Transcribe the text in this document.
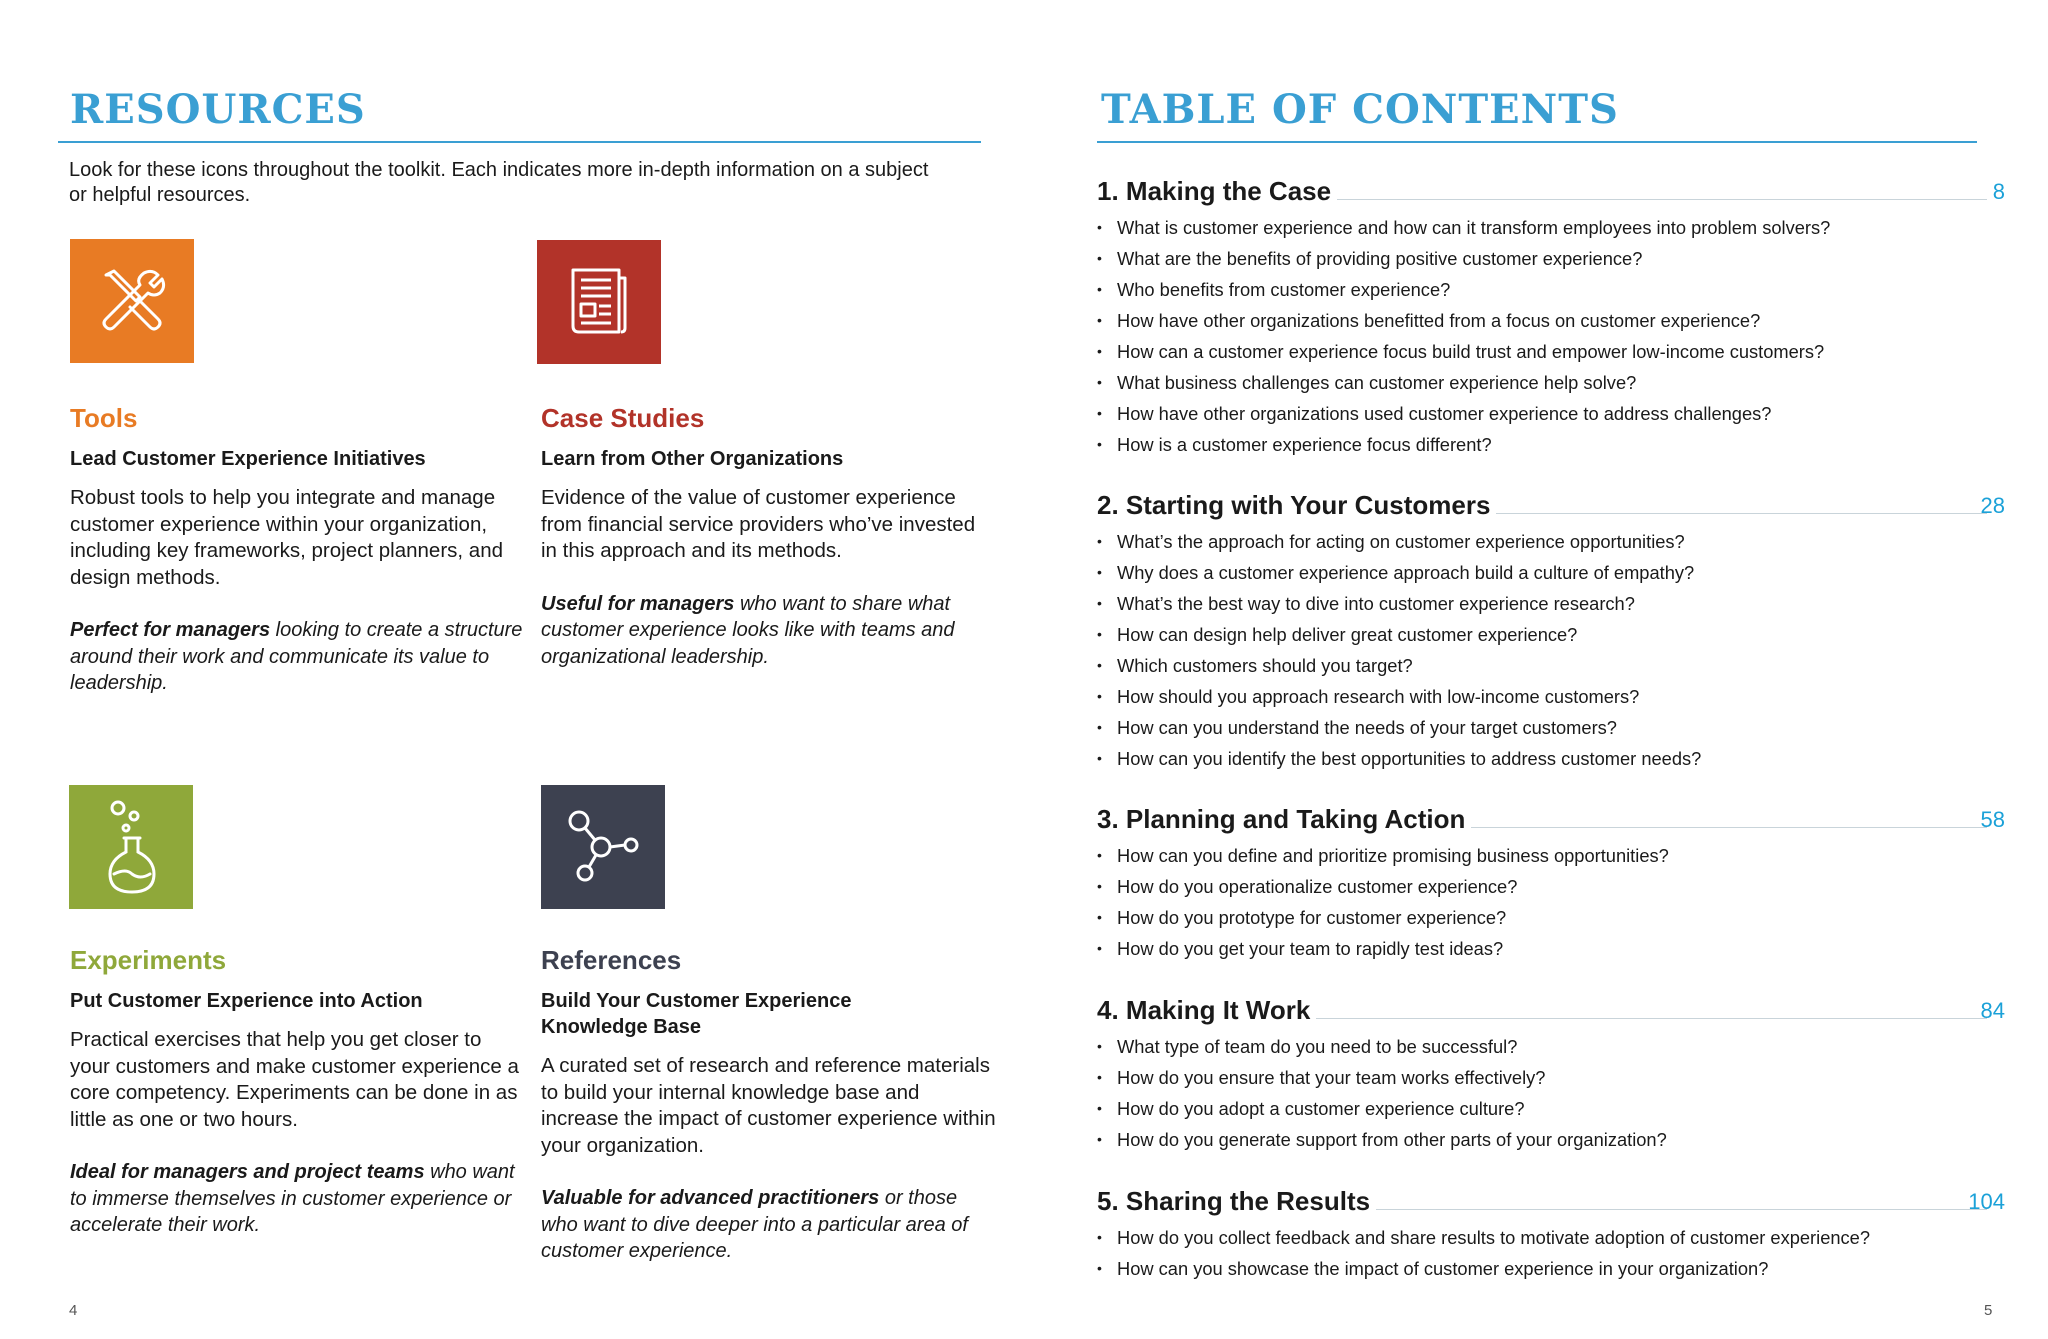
RESOURCES

Look for these icons throughout the toolkit. Each indicates more in-depth information on a subject or helpful resources.

Tools

Lead Customer Experience Initiatives

Robust tools to help you integrate and manage customer experience within your organization, including key frameworks, project planners, and design methods.

Perfect for managers looking to create a structure around their work and communicate its value to leadership.

Case Studies

Learn from Other Organizations

Evidence of the value of customer experience from financial service providers who’ve invested in this approach and its methods.

Useful for managers who want to share what customer experience looks like with teams and organizational leadership.

Experiments

Put Customer Experience into Action

Practical exercises that help you get closer to your customers and make customer experience a core competency. Experiments can be done in as little as one or two hours.

Ideal for managers and project teams who want to immerse themselves in customer experience or accelerate their work.

References

Build Your Customer Experience Knowledge Base

A curated set of research and reference materials to build your internal knowledge base and increase the impact of customer experience within your organization.

Valuable for advanced practitioners or those who want to dive deeper into a particular area of customer experience.

TABLE OF CONTENTS
1. Making the Case	8
• What is customer experience and how can it transform employees into problem solvers?
• What are the benefits of providing positive customer experience?
• Who benefits from customer experience?
• How have other organizations benefitted from a focus on customer experience?
• How can a customer experience focus build trust and empower low-income customers?
• What business challenges can customer experience help solve?
• How have other organizations used customer experience to address challenges?
• How is a customer experience focus different?
2. Starting with Your Customers	28
• What’s the approach for acting on customer experience opportunities?
• Why does a customer experience approach build a culture of empathy?
• What’s the best way to dive into customer experience research?
• How can design help deliver great customer experience?
• Which customers should you target?
• How should you approach research with low-income customers?
• How can you understand the needs of your target customers?
• How can you identify the best opportunities to address customer needs?
3. Planning and Taking Action	58
• How can you define and prioritize promising business opportunities?
• How do you operationalize customer experience?
• How do you prototype for customer experience?
• How do you get your team to rapidly test ideas?
4. Making It Work	84
• What type of team do you need to be successful?
• How do you ensure that your team works effectively?
• How do you adopt a customer experience culture?
• How do you generate support from other parts of your organization?
5. Sharing the Results	104
• How do you collect feedback and share results to motivate adoption of customer experience?
• How can you showcase the impact of customer experience in your organization?
4	5
